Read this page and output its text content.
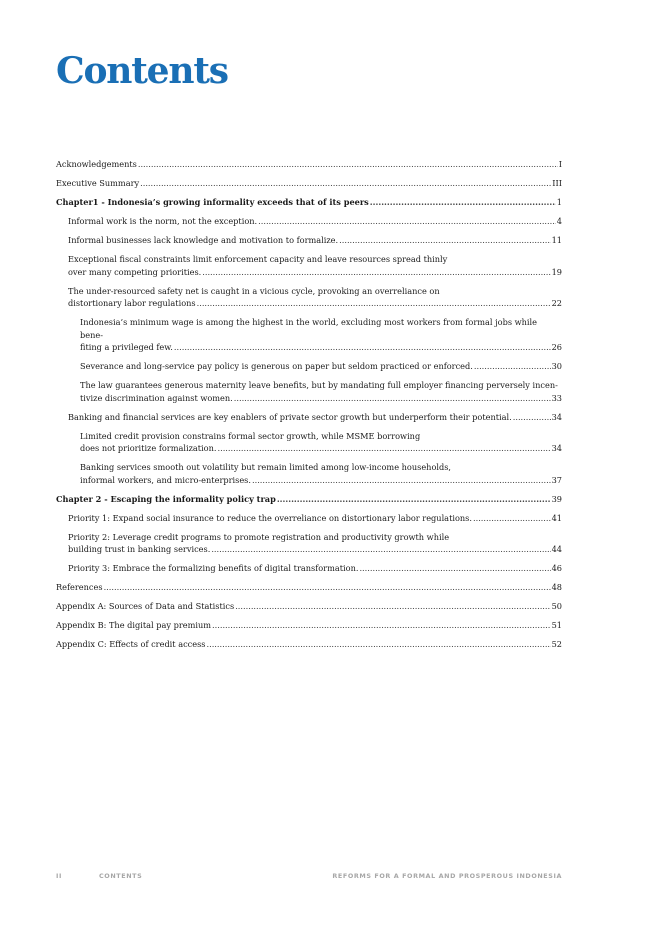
Contents
Acknowledgements .....	I
Executive Summary .....	III
Chapter1 - Indonesia’s growing informality exceeds that of its peers .....	1
Informal work is the norm, not the exception. .....	4
Informal businesses lack knowledge and motivation to formalize. .....	11
Exceptional fiscal constraints limit enforcement capacity and leave resources spread thinly
over many competing priorities. .....	19
The under-resourced safety net is caught in a vicious cycle, provoking an overreliance on
distortionary labor regulations .....	22
Indonesia’s minimum wage is among the highest in the world, excluding most workers from formal jobs while bene-
fiting a privileged few. .....	26
Severance and long-service pay policy is generous on paper but seldom practiced or enforced. .....	30
The law guarantees generous maternity leave benefits, but by mandating full employer financing perversely incen-
tivize discrimination against women. .....	33
Banking and financial services are key enablers of private sector growth but underperform their potential. .....	34
Limited credit provision constrains formal sector growth, while MSME borrowing
does not prioritize formalization. .....	34
Banking services smooth out volatility but remain limited among low-income households,
informal workers, and micro-enterprises. .....	37
Chapter 2 - Escaping the informality policy trap .....	39
Priority 1: Expand social insurance to reduce the overreliance on distortionary labor regulations. .....	41
Priority 2: Leverage credit programs to promote registration and productivity growth while
building trust in banking services. .....	44
Priority 3: Embrace the formalizing benefits of digital transformation. .....	46
References .....	48
Appendix A: Sources of Data and Statistics .....	50
Appendix B: The digital pay premium .....	51
Appendix C: Effects of credit access .....	52
II	CONTENTS	REFORMS FOR A FORMAL AND PROSPEROUS INDONESIA
